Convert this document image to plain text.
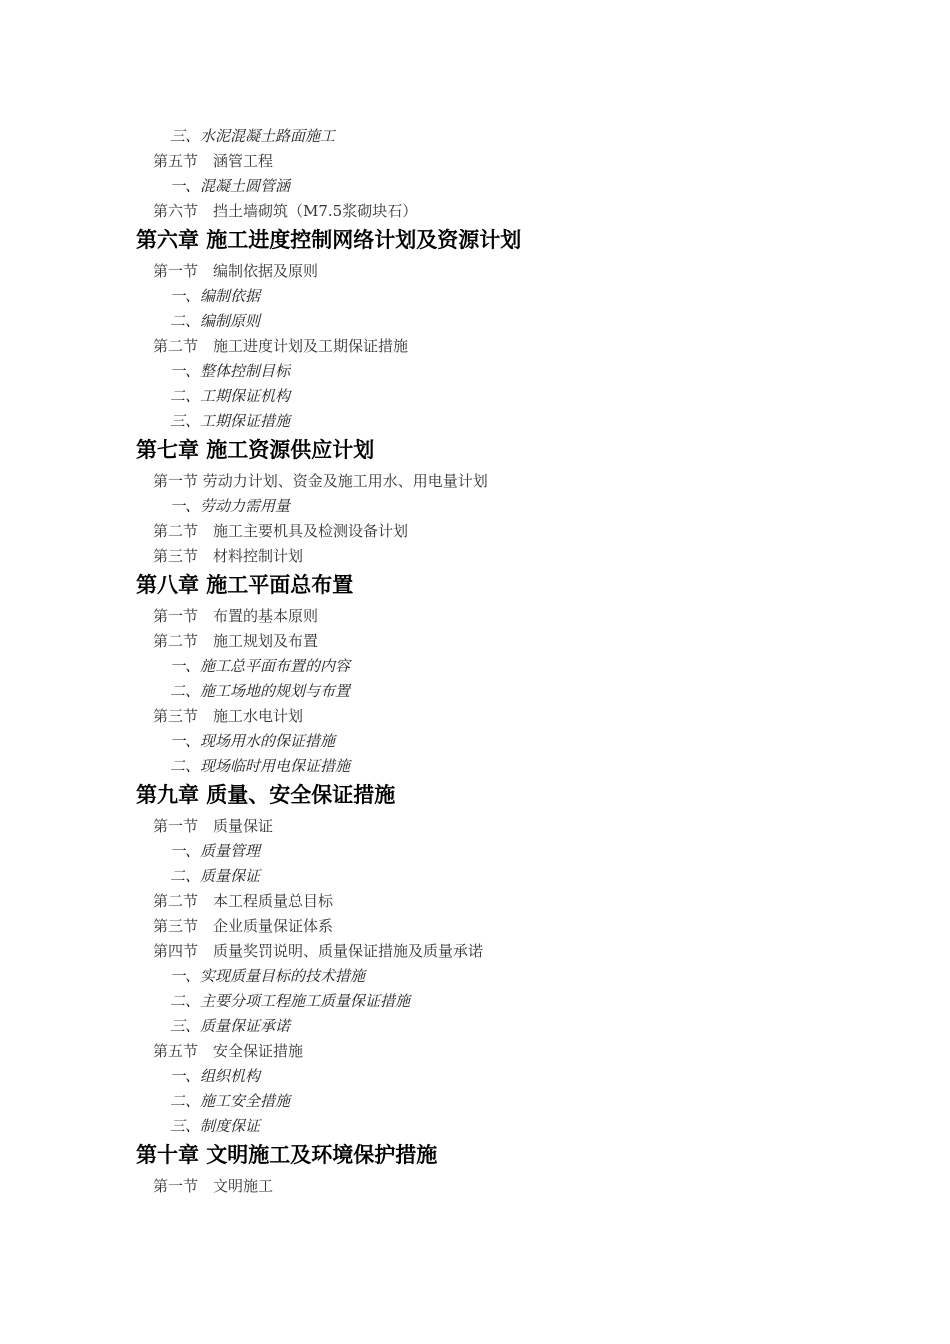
三、水泥混凝土路面施工
第五节　涵管工程
一、混凝土圆管涵
第六节　挡土墙砌筑（M7.5浆砌块石）
第六章 施工进度控制网络计划及资源计划
第一节　编制依据及原则
一、编制依据
二、编制原则
第二节　施工进度计划及工期保证措施
一、整体控制目标
二、工期保证机构
三、工期保证措施
第七章 施工资源供应计划
第一节 劳动力计划、资金及施工用水、用电量计划
一、劳动力需用量
第二节　施工主要机具及检测设备计划
第三节　材料控制计划
第八章 施工平面总布置
第一节　布置的基本原则
第二节　施工规划及布置
一、施工总平面布置的内容
二、施工场地的规划与布置
第三节　施工水电计划
一、现场用水的保证措施
二、现场临时用电保证措施
第九章 质量、安全保证措施
第一节　质量保证
一、质量管理
二、质量保证
第二节　本工程质量总目标
第三节　企业质量保证体系
第四节　质量奖罚说明、质量保证措施及质量承诺
一、实现质量目标的技术措施
二、主要分项工程施工质量保证措施
三、质量保证承诺
第五节　安全保证措施
一、组织机构
二、施工安全措施
三、制度保证
第十章 文明施工及环境保护措施
第一节　文明施工
